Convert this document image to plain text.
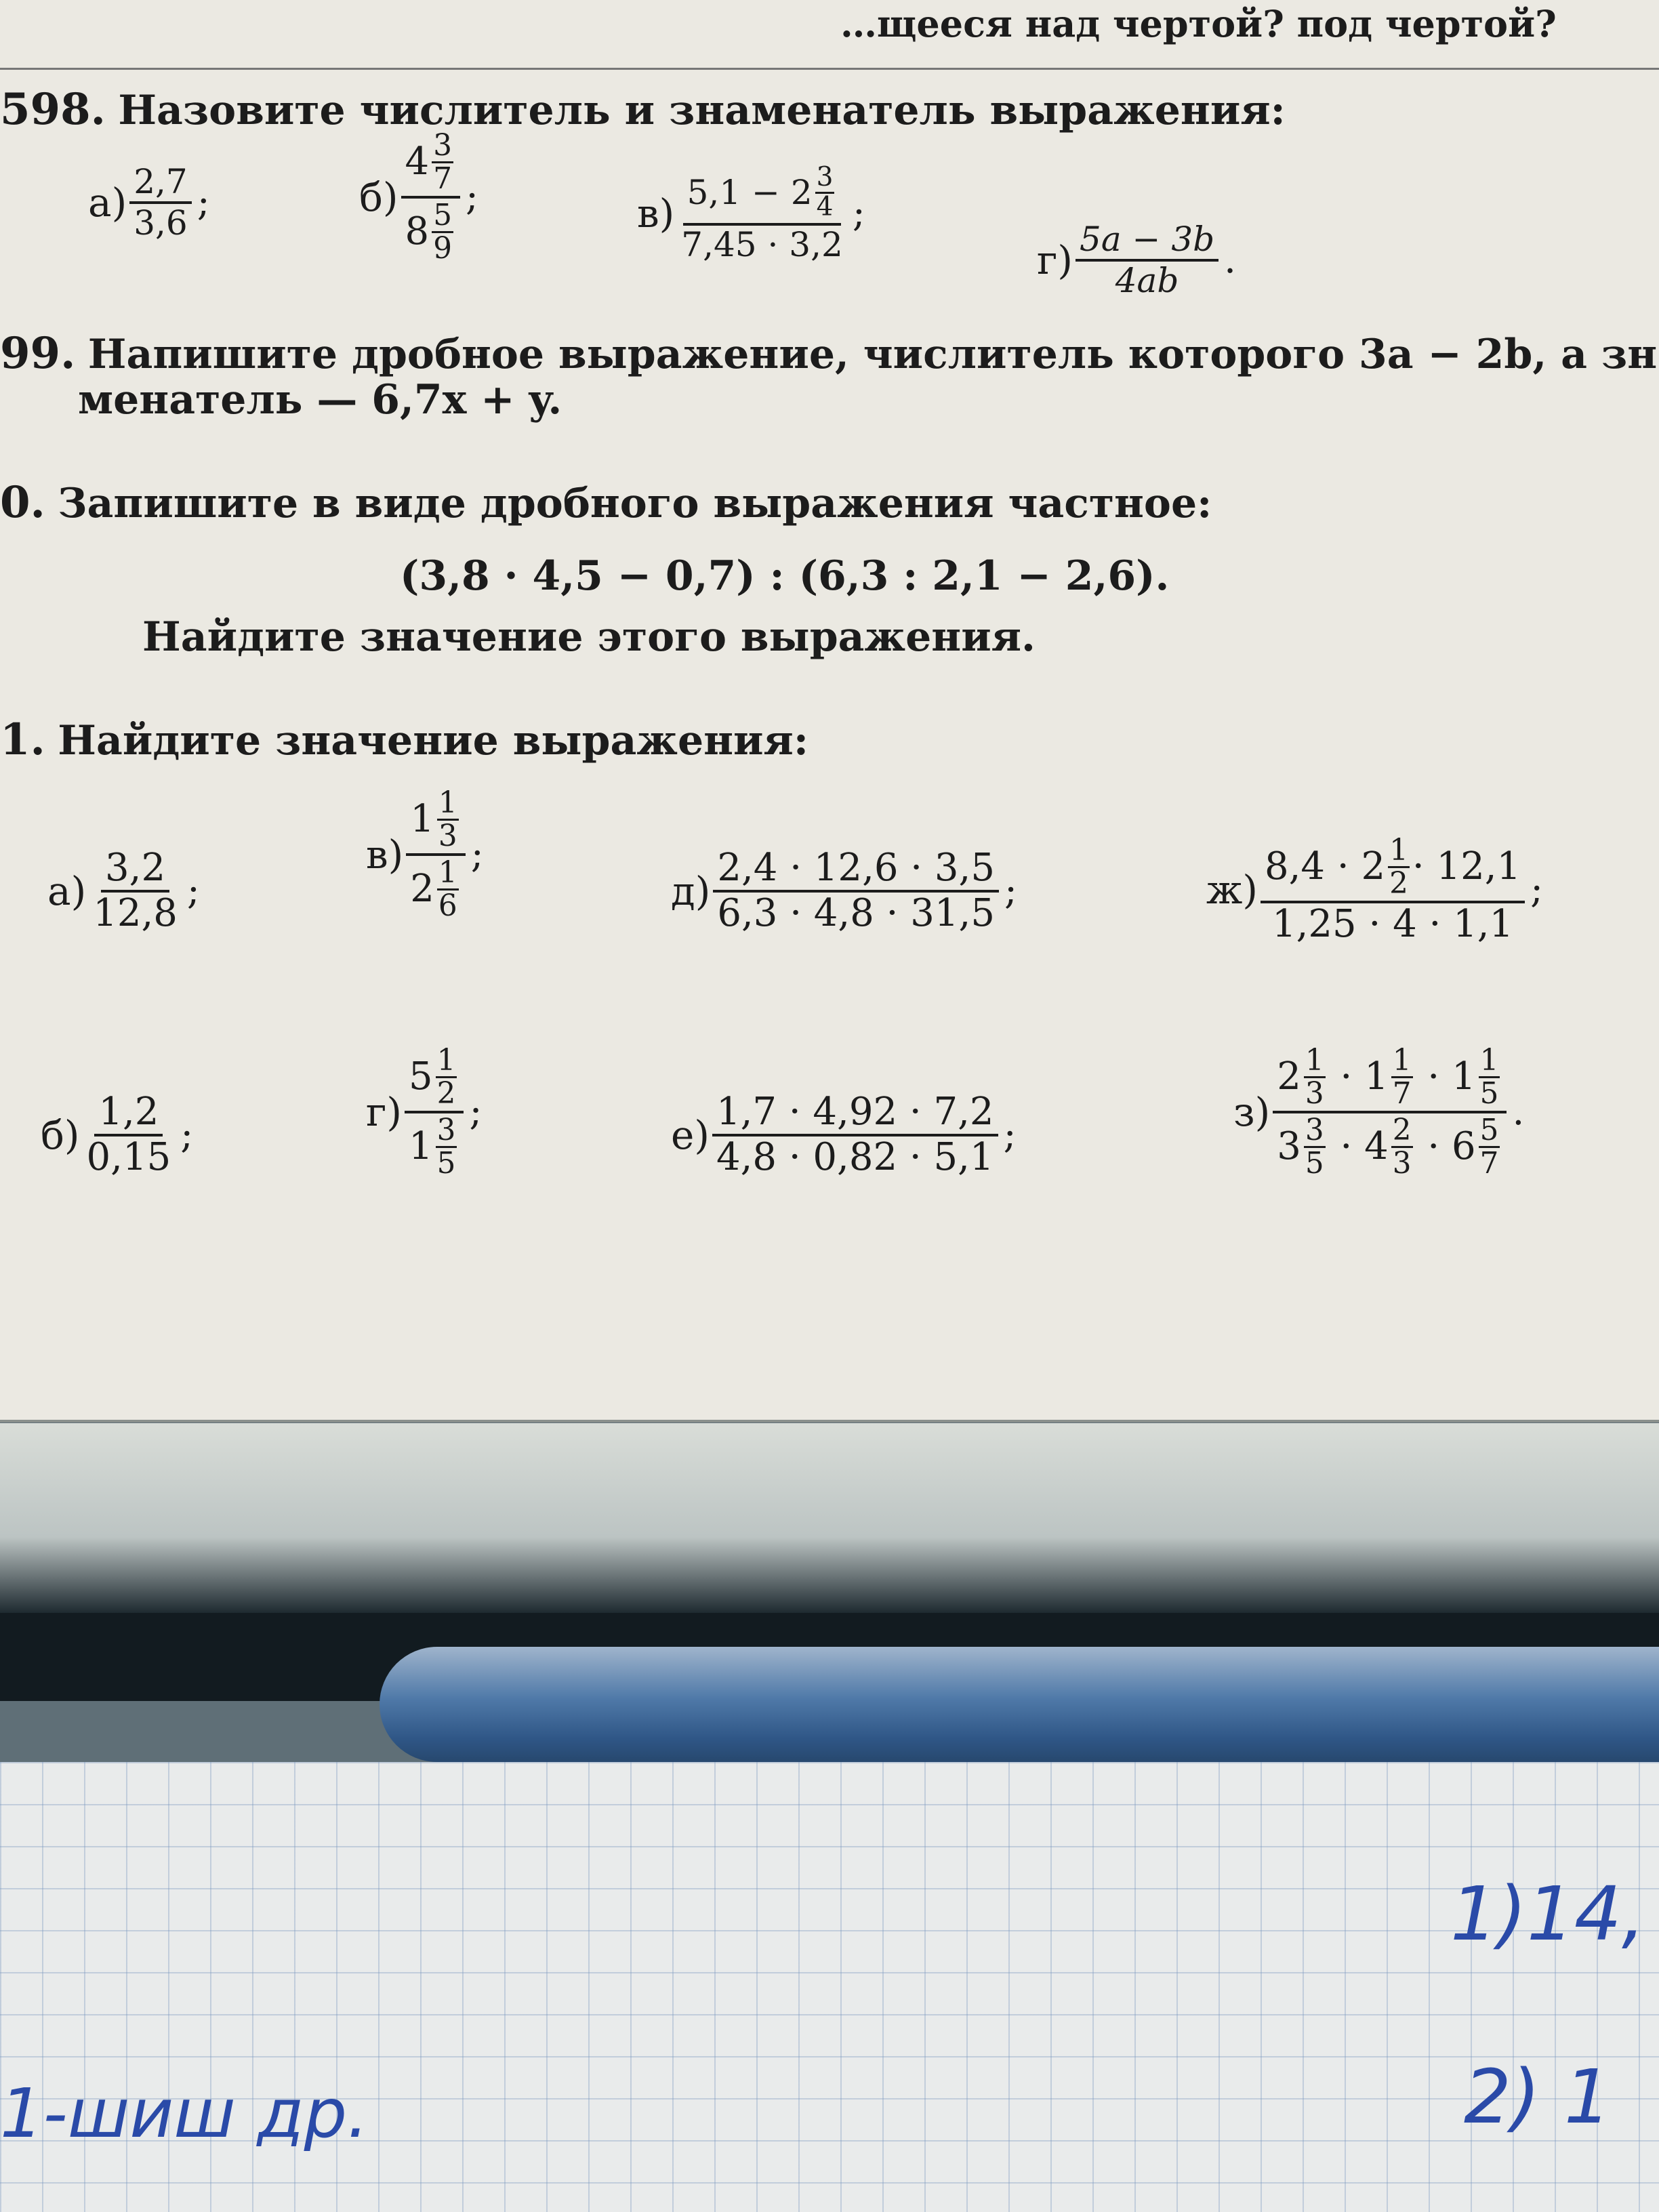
…щееся над чертой? под чертой?
598. Назовите числитель и знаменатель выражения:
$а) \frac{2,7}{3,6}$ ;	$б) \frac{4 \frac{3}{7}}{8 \frac{5}{9}}$ ;	$в) \frac{5,1 - 2 \frac{3}{4}}{7,45 \cdot 3,2}$ ;
$г) \frac{5a - 3b}{4ab}$ .
99. Напишите дробное выражение, числитель которого 3a − 2b, а зн
менатель — 6,7x + y.
0. Запишите в виде дробного выражения частное:
(3,8 · 4,5 − 0,7) : (6,3 : 2,1 − 2,6).
Найдите значение этого выражения.
1. Найдите значение выражения:
$а) \frac{3,2}{12,8}$ ;
$в) \frac{1 \frac{1}{3}}{2 \frac{1}{6}}$ ;
$д) \frac{2,4 \cdot 12,6 \cdot 3,5}{6,3 \cdot 4,8 \cdot 31,5}$ ;	$ж) \frac{8,4 \cdot 2 \frac{1}{2} \cdot 12,1}{1,25 \cdot 4 \cdot 1,1}$ ;
$б) \frac{1,2}{0,15}$ ;
$г) \frac{5 \frac{1}{2}}{1 \frac{3}{5}}$ ;
$е) \frac{1,7 \cdot 4,92 \cdot 7,2}{4,8 \cdot 0,82 \cdot 5,1}$ ;
$з) \frac{2 \frac{1}{3} \cdot 1 \frac{1}{7} \cdot 1 \frac{1}{5}}{3 \frac{3}{5} \cdot 4 \frac{2}{3} \cdot 6 \frac{5}{7}}$ .
1)14,
2) 1
1-шиш др.
